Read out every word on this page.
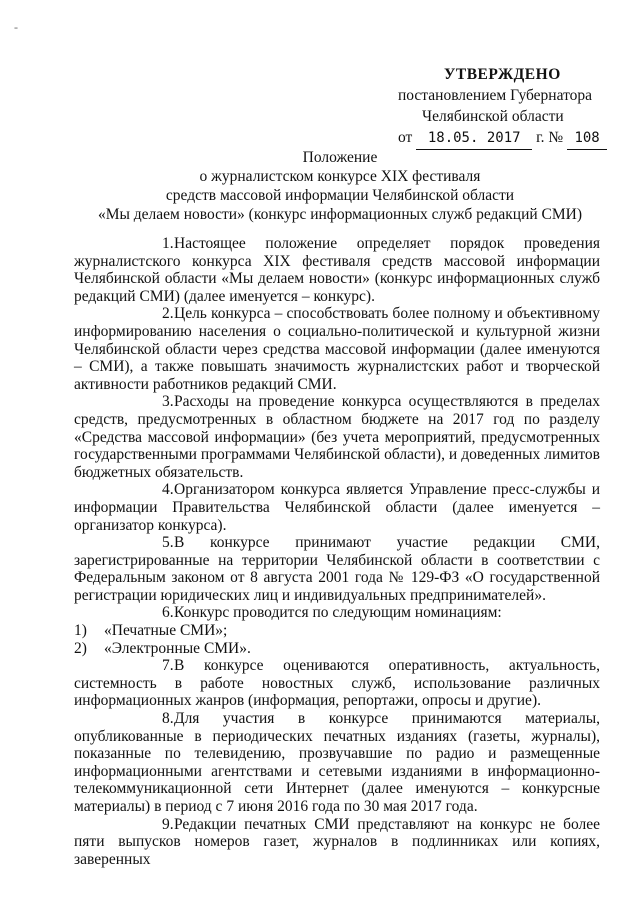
-
УТВЕРЖДЕНО
постановлением Губернатора
Челябинской области
от 18.05. 2017 г. № 108
Положение
о журналистском конкурсе XIX фестиваля
средств массовой информации Челябинской области
«Мы делаем новости» (конкурс информационных служб редакций СМИ)

1.Настоящее положение определяет порядок проведения журналистского конкурса XIX фестиваля средств массовой информации Челябинской области «Мы делаем новости» (конкурс информационных служб редакций СМИ) (далее именуется – конкурс).

2.Цель конкурса – способствовать более полному и объективному информированию населения о социально-политической и культурной жизни Челябинской области через средства массовой информации (далее именуются – СМИ), а также повышать значимость журналистских работ и творческой активности работников редакций СМИ.

3.Расходы на проведение конкурса осуществляются в пределах средств, предусмотренных в областном бюджете на 2017 год по разделу «Средства массовой информации» (без учета мероприятий, предусмотренных государственными программами Челябинской области), и доведенных лимитов бюджетных обязательств.

4.Организатором конкурса является Управление пресс-службы и информации Правительства Челябинской области (далее именуется – организатор конкурса).

5.В конкурсе принимают участие редакции СМИ, зарегистрированные на территории Челябинской области в соответствии с Федеральным законом от 8 августа 2001 года № 129-ФЗ «О государственной регистрации юридических лиц и индивидуальных предпринимателей».

6.Конкурс проводится по следующим номинациям:

1) «Печатные СМИ»;

2) «Электронные СМИ».

7.В конкурсе оцениваются оперативность, актуальность, системность в работе новостных служб, использование различных информационных жанров (информация, репортажи, опросы и другие).

8.Для участия в конкурсе принимаются материалы, опубликованные в периодических печатных изданиях (газеты, журналы), показанные по телевидению, прозвучавшие по радио и размещенные информационными агентствами и сетевыми изданиями в информационно-телекоммуникационной сети Интернет (далее именуются – конкурсные материалы) в период с 7 июня 2016 года по 30 мая 2017 года.

9.Редакции печатных СМИ представляют на конкурс не более пяти выпусков номеров газет, журналов в подлинниках или копиях, заверенных
